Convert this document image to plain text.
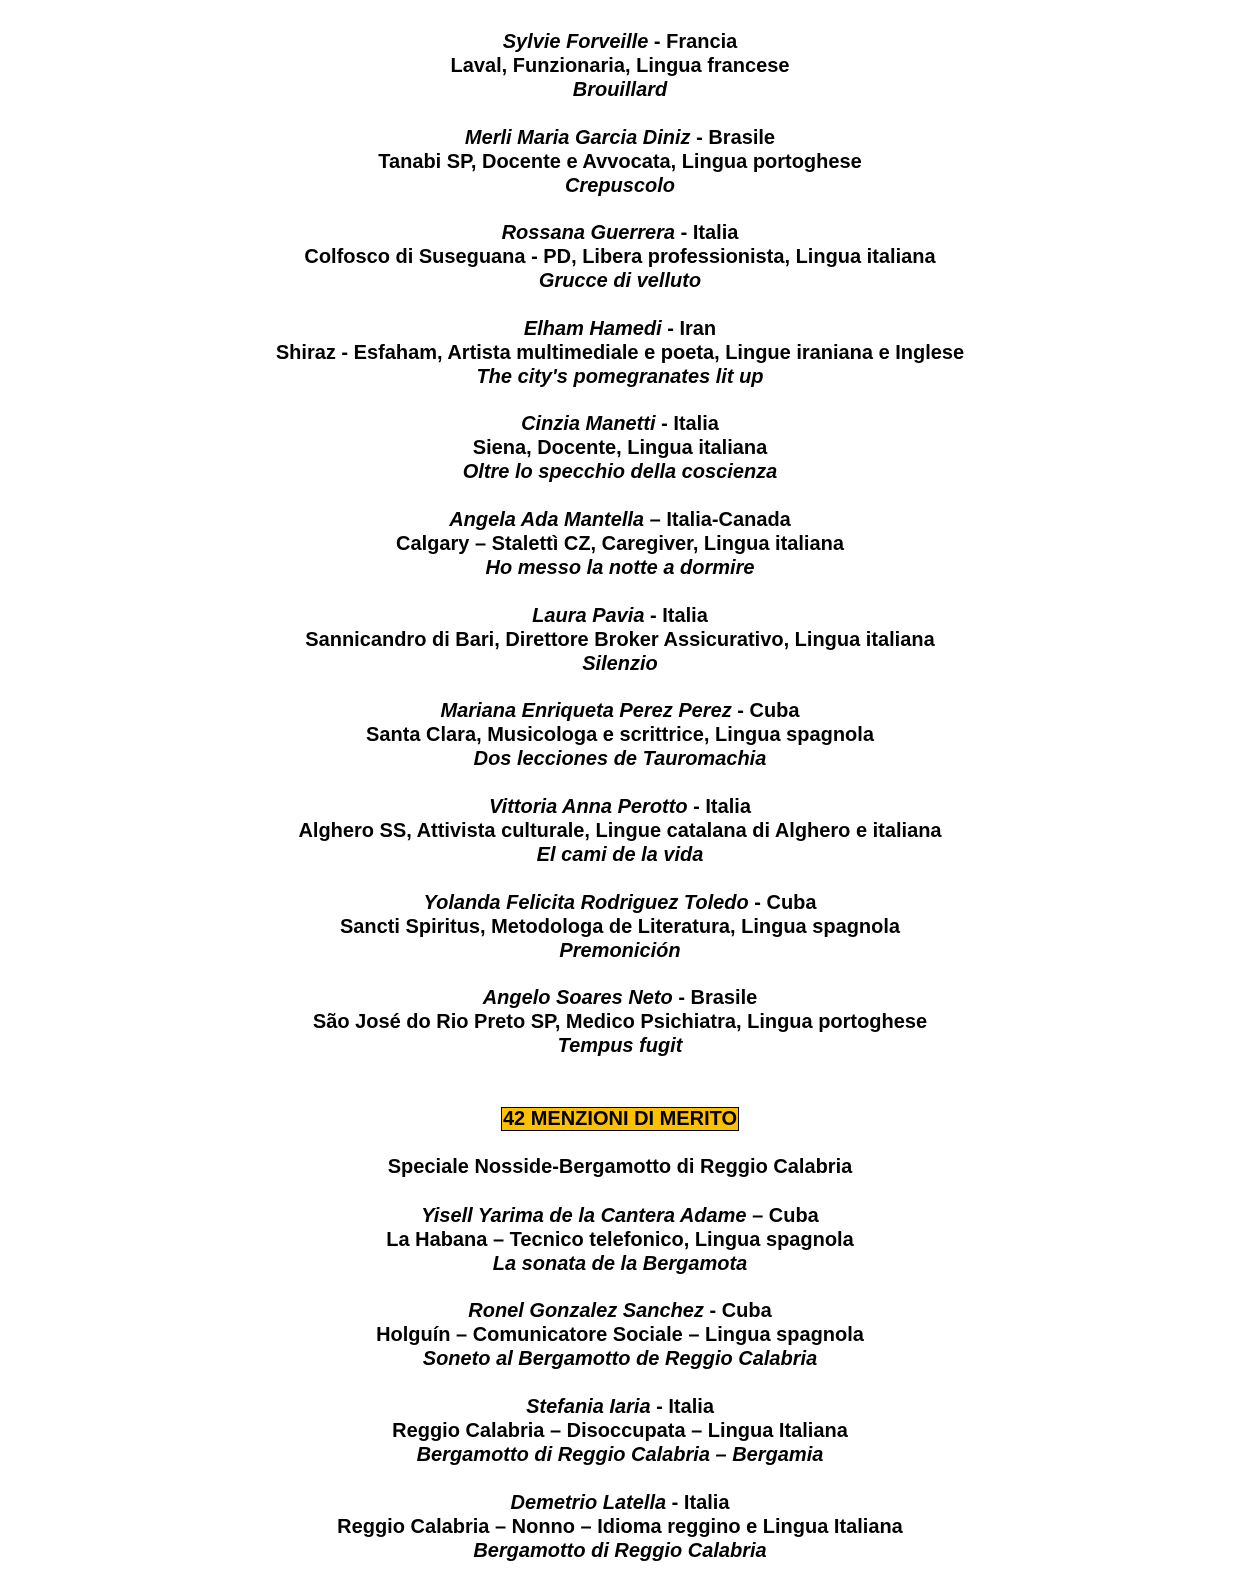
Sylvie Forveille - Francia
Laval, Funzionaria, Lingua francese
Brouillard
Merli Maria Garcia Diniz - Brasile
Tanabi SP, Docente e Avvocata, Lingua portoghese
Crepuscolo
Rossana Guerrera - Italia
Colfosco di Suseguana - PD, Libera professionista, Lingua italiana
Grucce di velluto
Elham Hamedi - Iran
Shiraz - Esfaham, Artista multimediale e poeta, Lingue iraniana e Inglese
The city's pomegranates lit up
Cinzia Manetti - Italia
Siena, Docente, Lingua italiana
Oltre lo specchio della coscienza
Angela Ada Mantella – Italia-Canada
Calgary – Stalettì CZ, Caregiver, Lingua italiana
Ho messo la notte a dormire
Laura Pavia - Italia
Sannicandro di Bari, Direttore Broker Assicurativo, Lingua italiana
Silenzio
Mariana Enriqueta Perez Perez - Cuba
Santa Clara, Musicologa e scrittrice, Lingua spagnola
Dos lecciones de Tauromachia
Vittoria Anna Perotto - Italia
Alghero SS, Attivista culturale, Lingue catalana di Alghero e italiana
El cami de la vida
Yolanda Felicita Rodriguez Toledo - Cuba
Sancti Spiritus, Metodologa de Literatura, Lingua spagnola
Premonición
Angelo Soares Neto - Brasile
São José do Rio Preto SP, Medico Psichiatra, Lingua portoghese
Tempus fugit
42 MENZIONI DI MERITO
Speciale Nosside-Bergamotto di Reggio Calabria
Yisell Yarima de la Cantera Adame – Cuba
La Habana – Tecnico telefonico, Lingua spagnola
La sonata de la Bergamota
Ronel Gonzalez Sanchez - Cuba
Holguín – Comunicatore Sociale – Lingua spagnola
Soneto al Bergamotto de Reggio Calabria
Stefania Iaria - Italia
Reggio Calabria – Disoccupata – Lingua Italiana
Bergamotto di Reggio Calabria – Bergamia
Demetrio Latella - Italia
Reggio Calabria – Nonno – Idioma reggino e Lingua Italiana
Bergamotto di Reggio Calabria
